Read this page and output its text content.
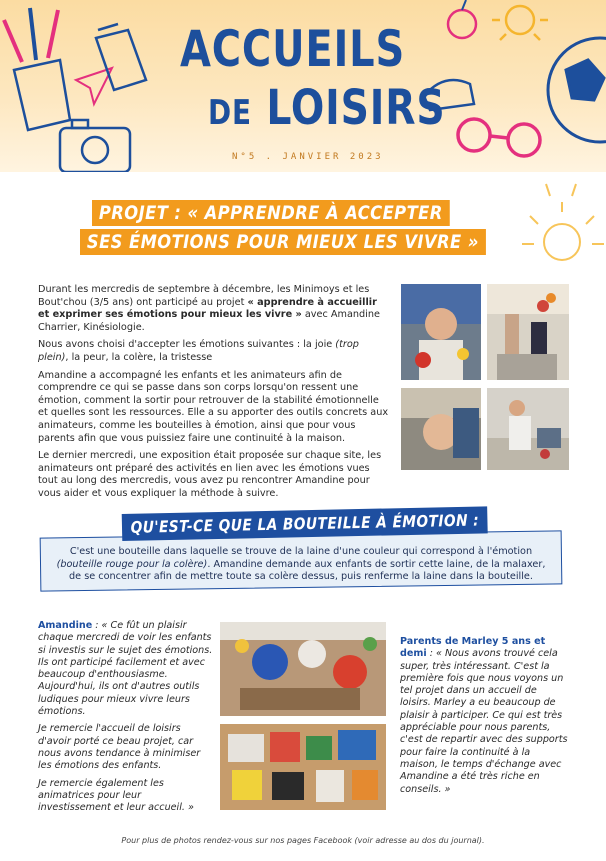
ACCUEILS
DE LOISIRS
N°5 . JANVIER 2023
PROJET : « APPRENDRE À ACCEPTER
SES ÉMOTIONS POUR MIEUX LES VIVRE »

Durant les mercredis de septembre à décembre, les Minimoys et les Bout'chou (3/5 ans) ont participé au projet « apprendre à accueillir et exprimer ses émotions pour mieux les vivre » avec Amandine Charrier, Kinésiologie.

Nous avons choisi d'accepter les émotions suivantes : la joie (trop plein), la peur, la colère, la tristesse

Amandine a accompagné les enfants et les animateurs afin de comprendre ce qui se passe dans son corps lorsqu'on ressent une émotion, comment la sortir pour retrouver de la stabilité émotionnelle et quelles sont les ressources. Elle a su apporter des outils concrets aux animateurs, comme les bouteilles à émotion, ainsi que pour vous parents afin que vous puissiez faire une continuité à la maison.

Le dernier mercredi, une exposition était proposée sur chaque site, les animateurs ont préparé des activités en lien avec les émotions vues tout au long des mercredis, vous avez pu rencontrer Amandine pour vous aider et vous expliquer la méthode à suivre.

QU'EST-CE QUE LA BOUTEILLE À ÉMOTION :
C'est une bouteille dans laquelle se trouve de la laine d'une couleur qui correspond à l'émotion (bouteille rouge pour la colère). Amandine demande aux enfants de sortir cette laine, de la malaxer, de se concentrer afin de mettre toute sa colère dessus, puis renferme la laine dans la bouteille.

Amandine : « Ce fût un plaisir chaque mercredi de voir les enfants si investis sur le sujet des émotions. Ils ont participé facilement et avec beaucoup d'enthousiasme. Aujourd'hui, ils ont d'autres outils ludiques pour mieux vivre leurs émotions.

Je remercie l'accueil de loisirs d'avoir porté ce beau projet, car nous avons tendance à minimiser les émotions des enfants.

Je remercie également les animatrices pour leur investissement et leur accueil. »

Parents de Marley 5 ans et demi : « Nous avons trouvé cela super, très intéressant. C'est la première fois que nous voyons un tel projet dans un accueil de loisirs. Marley a eu beaucoup de plaisir à participer. Ce qui est très appréciable pour nous parents, c'est de repartir avec des supports pour faire la continuité à la maison, le temps d'échange avec Amandine a été très riche en conseils. »

Pour plus de photos rendez-vous sur nos pages Facebook (voir adresse au dos du journal).
